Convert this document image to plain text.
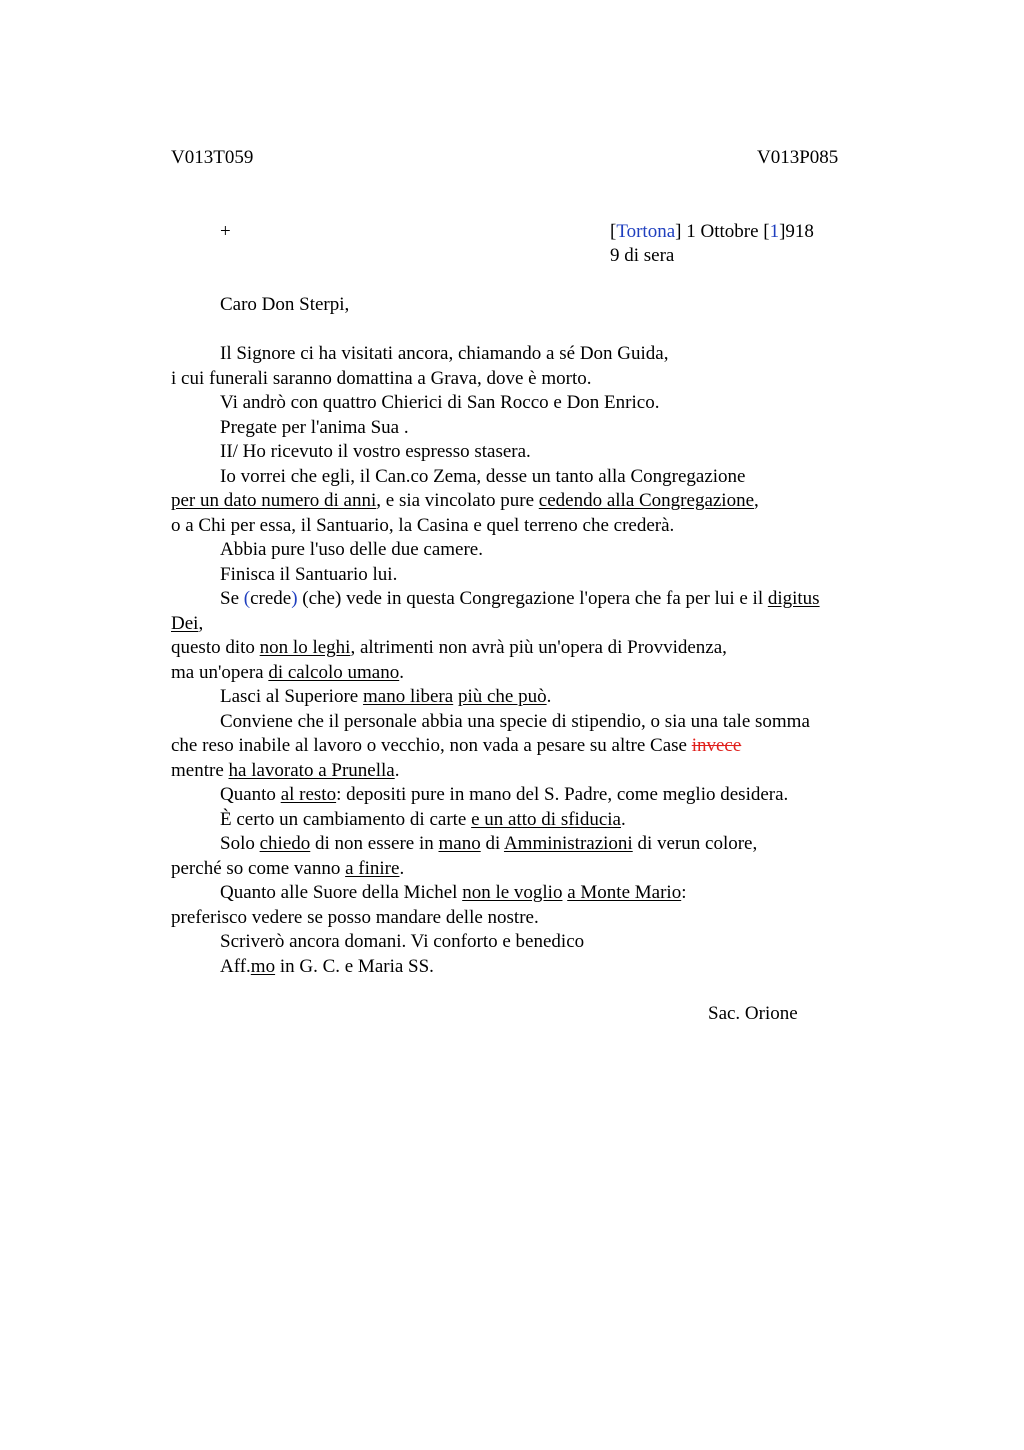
V013T059	V013P085
+	[Tortona] 1 Ottobre [1]918
9 di sera
Caro Don Sterpi,
Il Signore ci ha visitati ancora, chiamando a sé Don Guida,
i cui funerali saranno domattina a Grava, dove è morto.
Vi andrò con quattro Chierici di San Rocco e Don Enrico.
Pregate per l'anima Sua .
II/ Ho ricevuto il vostro espresso stasera.
Io vorrei che egli, il Can.co Zema, desse un tanto alla Congregazione
per un dato numero di anni, e sia vincolato pure cedendo alla Congregazione,
o a Chi per essa, il Santuario, la Casina e quel terreno che crederà.
Abbia pure l'uso delle due camere.
Finisca il Santuario lui.
Se (crede) (che) vede in questa Congregazione l'opera che fa per lui e il digitus
Dei,
questo dito non lo leghi, altrimenti non avrà più un'opera di Provvidenza,
ma un'opera di calcolo umano.
Lasci al Superiore mano libera più che può.
Conviene che il personale abbia una specie di stipendio, o sia una tale somma
che reso inabile al lavoro o vecchio, non vada a pesare su altre Case invece
mentre ha lavorato a Prunella.
Quanto al resto: depositi pure in mano del S. Padre, come meglio desidera.
È certo un cambiamento di carte e un atto di sfiducia.
Solo chiedo di non essere in mano di Amministrazioni di verun colore,
perché so come vanno a finire.
Quanto alle Suore della Michel non le voglio a Monte Mario:
preferisco vedere se posso mandare delle nostre.
Scriverò ancora domani. Vi conforto e benedico
Aff.mo in G. C. e Maria SS.
Sac. Orione
